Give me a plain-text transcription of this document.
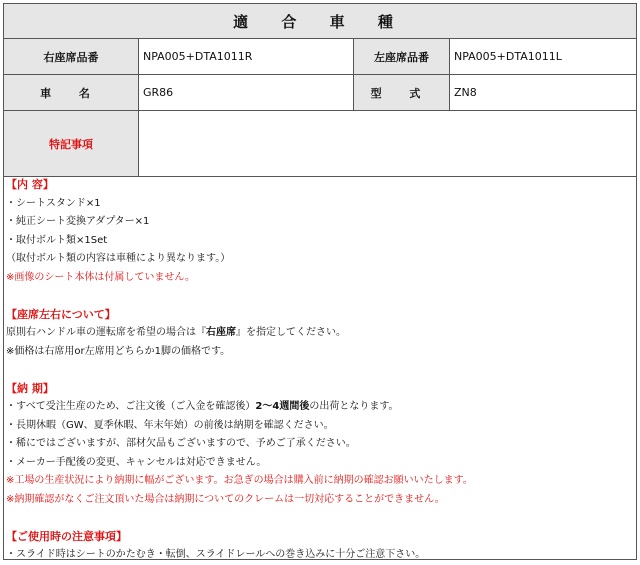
適 合 車 種
右座席品番	NPA005+DTA1011R	左座席品番	NPA005+DTA1011L
車 名	GR86	型 式	ZN8
特記事項
【内 容】
・シートスタンド×1
・純正シート変換アダプター×1
・取付ボルト類×1Set
（取付ボルト類の内容は車種により異なります。）
※画像のシート本体は付属していません。
【座席左右について】
原則右ハンドル車の運転席を希望の場合は『右座席』を指定してください。
※価格は右席用or左席用どちらか1脚の価格です。
【納 期】
・すべて受注生産のため、ご注文後（ご入金を確認後）2〜4週間後の出荷となります。
・長期休暇（GW、夏季休暇、年末年始）の前後は納期を確認ください。
・稀にではございますが、部材欠品もございますので、予めご了承ください。
・メーカー手配後の変更、キャンセルは対応できません。
※工場の生産状況により納期に幅がございます。お急ぎの場合は購入前に納期の確認お願いいたします。
※納期確認がなくご注文頂いた場合は納期についてのクレームは一切対応することができません。
【ご使用時の注意事項】
・スライド時はシートのかたむき・転倒、スライドレールへの巻き込みに十分ご注意下さい。
